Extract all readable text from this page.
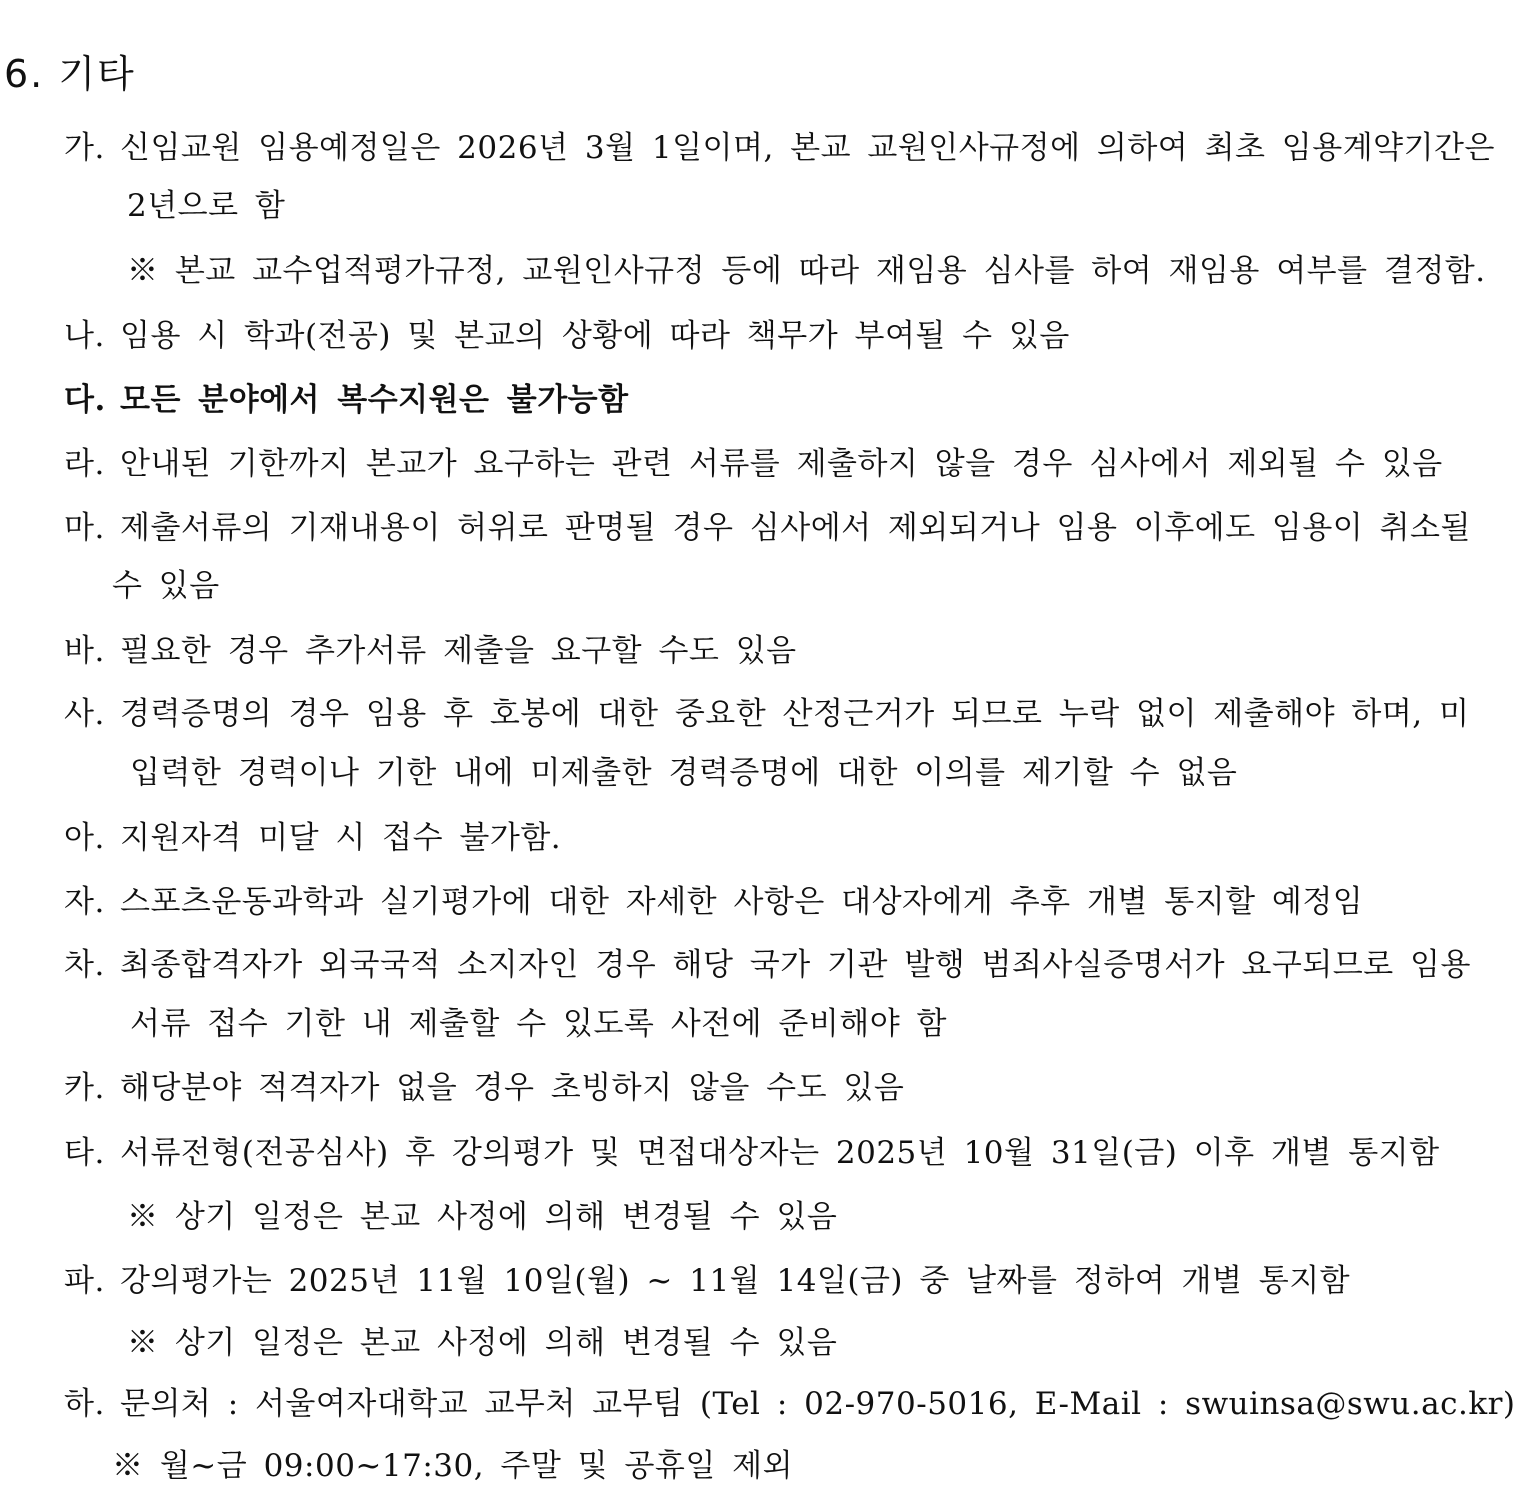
6. 기타
가. 신임교원 임용예정일은 2026년 3월 1일이며, 본교 교원인사규정에 의하여 최초 임용계약기간은
2년으로 함
※ 본교 교수업적평가규정, 교원인사규정 등에 따라 재임용 심사를 하여 재임용 여부를 결정함.
나. 임용 시 학과(전공) 및 본교의 상황에 따라 책무가 부여될 수 있음
다. 모든 분야에서 복수지원은 불가능함
라. 안내된 기한까지 본교가 요구하는 관련 서류를 제출하지 않을 경우 심사에서 제외될 수 있음
마. 제출서류의 기재내용이 허위로 판명될 경우 심사에서 제외되거나 임용 이후에도 임용이 취소될
수 있음
바. 필요한 경우 추가서류 제출을 요구할 수도 있음
사. 경력증명의 경우 임용 후 호봉에 대한 중요한 산정근거가 되므로 누락 없이 제출해야 하며, 미
입력한 경력이나 기한 내에 미제출한 경력증명에 대한 이의를 제기할 수 없음
아. 지원자격 미달 시 접수 불가함.
자. 스포츠운동과학과 실기평가에 대한 자세한 사항은 대상자에게 추후 개별 통지할 예정임
차. 최종합격자가 외국국적 소지자인 경우 해당 국가 기관 발행 범죄사실증명서가 요구되므로 임용
서류 접수 기한 내 제출할 수 있도록 사전에 준비해야 함
카. 해당분야 적격자가 없을 경우 초빙하지 않을 수도 있음
타. 서류전형(전공심사) 후 강의평가 및 면접대상자는 2025년 10월 31일(금) 이후 개별 통지함
※ 상기 일정은 본교 사정에 의해 변경될 수 있음
파. 강의평가는 2025년 11월 10일(월) ~ 11월 14일(금) 중 날짜를 정하여 개별 통지함
※ 상기 일정은 본교 사정에 의해 변경될 수 있음
하. 문의처 : 서울여자대학교 교무처 교무팀 (Tel : 02-970-5016, E-Mail : swuinsa@swu.ac.kr)
※ 월~금 09:00~17:30, 주말 및 공휴일 제외
